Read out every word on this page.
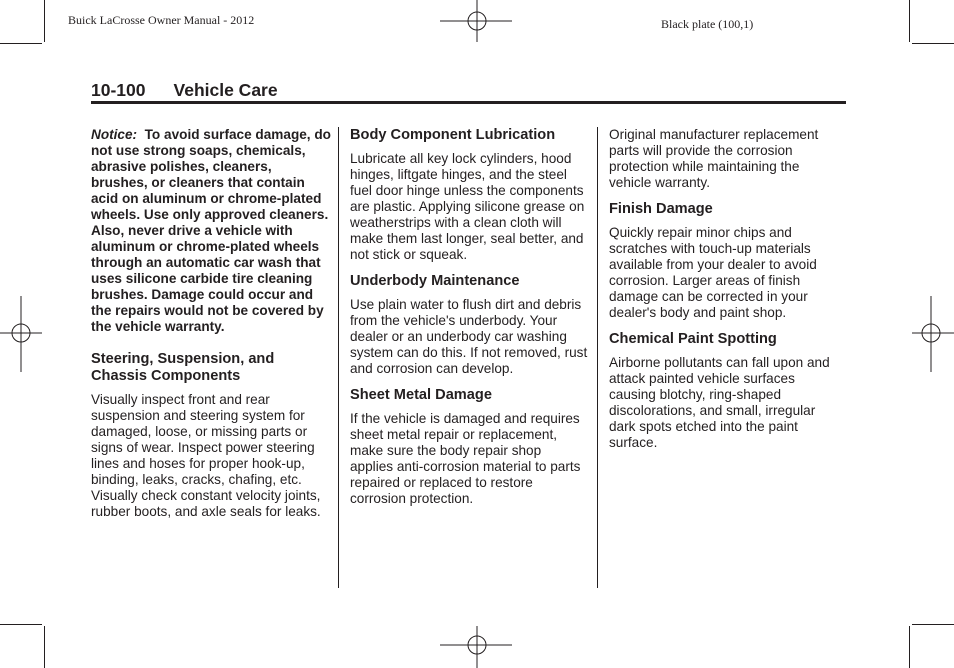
Buick LaCrosse Owner Manual - 2012	Black plate (100,1)
10-100 Vehicle Care

Notice: To avoid surface damage, do not use strong soaps, chemicals, abrasive polishes, cleaners, brushes, or cleaners that contain acid on aluminum or chrome-plated wheels. Use only approved cleaners. Also, never drive a vehicle with aluminum or chrome-plated wheels through an automatic car wash that uses silicone carbide tire cleaning brushes. Damage could occur and the repairs would not be covered by the vehicle warranty.

Steering, Suspension, and Chassis Components

Visually inspect front and rear suspension and steering system for damaged, loose, or missing parts or signs of wear. Inspect power steering lines and hoses for proper hook-up, binding, leaks, cracks, chafing, etc. Visually check constant velocity joints, rubber boots, and axle seals for leaks.

Body Component Lubrication

Lubricate all key lock cylinders, hood hinges, liftgate hinges, and the steel fuel door hinge unless the components are plastic. Applying silicone grease on weatherstrips with a clean cloth will make them last longer, seal better, and not stick or squeak.

Underbody Maintenance

Use plain water to flush dirt and debris from the vehicle's underbody. Your dealer or an underbody car washing system can do this. If not removed, rust and corrosion can develop.

Sheet Metal Damage

If the vehicle is damaged and requires sheet metal repair or replacement, make sure the body repair shop applies anti-corrosion material to parts repaired or replaced to restore corrosion protection.

Original manufacturer replacement parts will provide the corrosion protection while maintaining the vehicle warranty.

Finish Damage

Quickly repair minor chips and scratches with touch-up materials available from your dealer to avoid corrosion. Larger areas of finish damage can be corrected in your dealer's body and paint shop.

Chemical Paint Spotting

Airborne pollutants can fall upon and attack painted vehicle surfaces causing blotchy, ring-shaped discolorations, and small, irregular dark spots etched into the paint surface.
